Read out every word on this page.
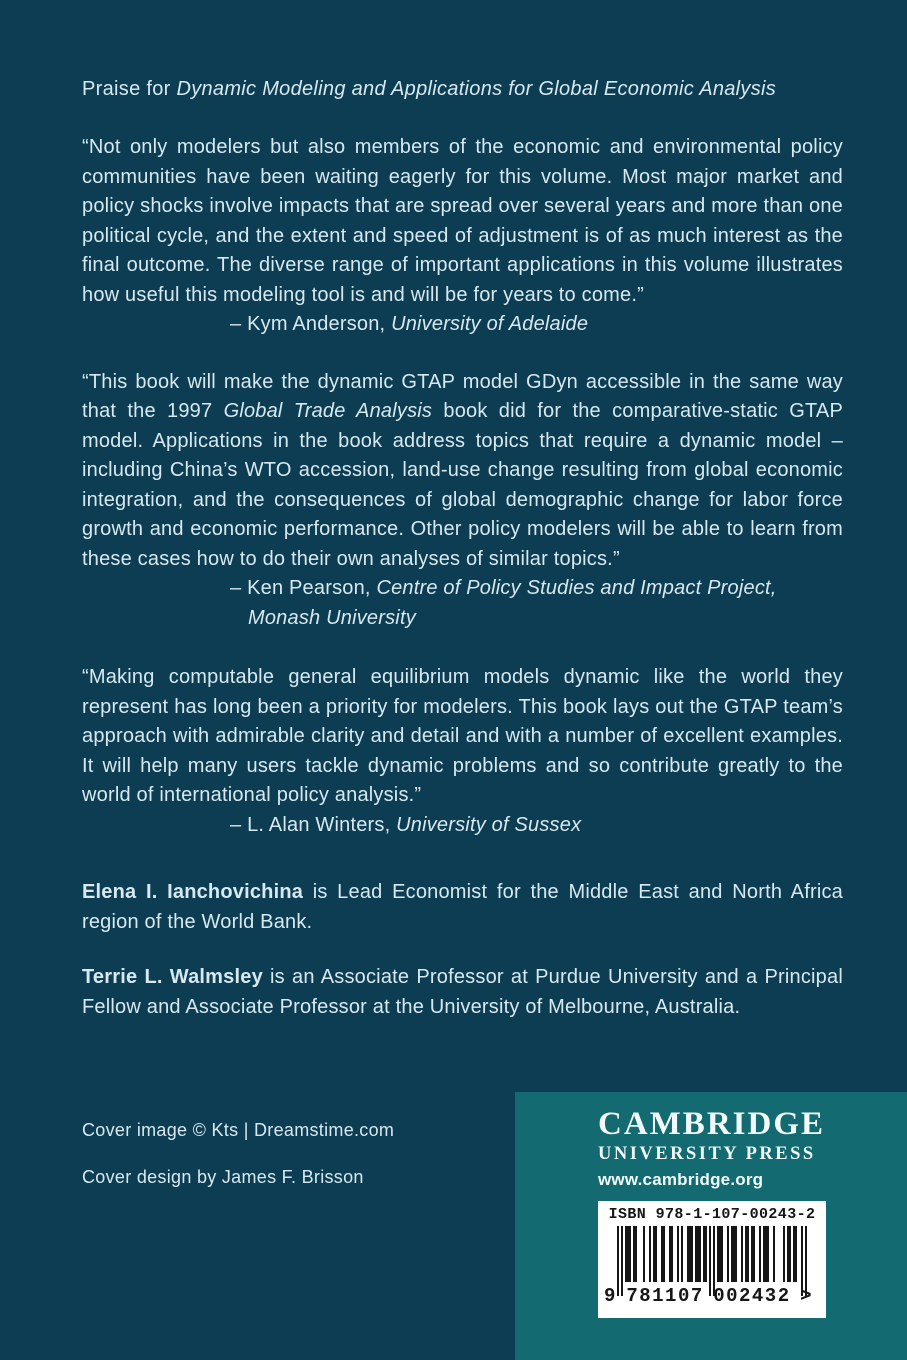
Praise for Dynamic Modeling and Applications for Global Economic Analysis

“Not only modelers but also members of the economic and environmental policy communities have been waiting eagerly for this volume. Most major market and policy shocks involve impacts that are spread over several years and more than one political cycle, and the extent and speed of adjustment is of as much interest as the final outcome. The diverse range of important applications in this volume illustrates how useful this modeling tool is and will be for years to come.”

– Kym Anderson, University of Adelaide

“This book will make the dynamic GTAP model GDyn accessible in the same way that the 1997 Global Trade Analysis book did for the comparative-static GTAP model. Applications in the book address topics that require a dynamic model – including China’s WTO accession, land-use change resulting from global economic integration, and the consequences of global demographic change for labor force growth and economic performance. Other policy modelers will be able to learn from these cases how to do their own analyses of similar topics.”

– Ken Pearson, Centre of Policy Studies and Impact Project,
Monash University

“Making computable general equilibrium models dynamic like the world they represent has long been a priority for modelers. This book lays out the GTAP team’s approach with admirable clarity and detail and with a number of excellent examples. It will help many users tackle dynamic problems and so contribute greatly to the world of international policy analysis.”

– L. Alan Winters, University of Sussex

Elena I. Ianchovichina is Lead Economist for the Middle East and North Africa region of the World Bank.

Terrie L. Walmsley is an Associate Professor at Purdue University and a Principal Fellow and Associate Professor at the University of Melbourne, Australia.

Cover image © Kts | Dreamstime.com

Cover design by James F. Brisson

CAMBRIDGE
UNIVERSITY PRESS
www.cambridge.org
ISBN 978-1-107-00243-2
9 781107 002432 >
